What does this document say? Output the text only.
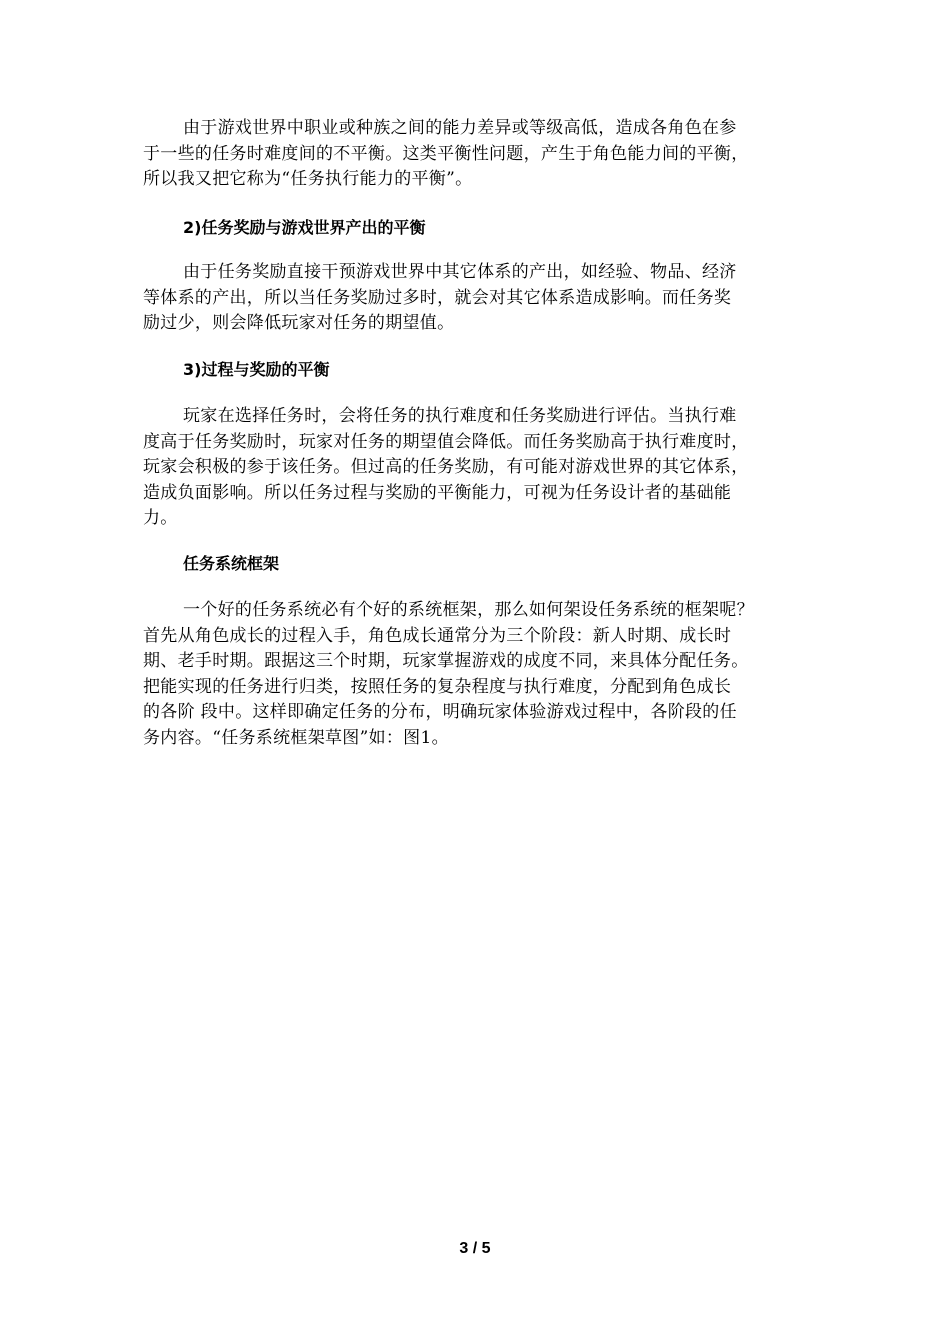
由于游戏世界中职业或种族之间的能力差异或等级高低，造成各角色在参
于一些的任务时难度间的不平衡。这类平衡性问题，产生于角色能力间的平衡，
所以我又把它称为“任务执行能力的平衡”。
2)任务奖励与游戏世界产出的平衡
由于任务奖励直接干预游戏世界中其它体系的产出，如经验、物品、经济
等体系的产出，所以当任务奖励过多时，就会对其它体系造成影响。而任务奖
励过少，则会降低玩家对任务的期望值。
3)过程与奖励的平衡
玩家在选择任务时，会将任务的执行难度和任务奖励进行评估。当执行难
度高于任务奖励时，玩家对任务的期望值会降低。而任务奖励高于执行难度时，
玩家会积极的参于该任务。但过高的任务奖励，有可能对游戏世界的其它体系，
造成负面影响。所以任务过程与奖励的平衡能力，可视为任务设计者的基础能
力。
任务系统框架
一个好的任务系统必有个好的系统框架，那么如何架设任务系统的框架呢？
首先从角色成长的过程入手，角色成长通常分为三个阶段：新人时期、成长时
期、老手时期。跟据这三个时期，玩家掌握游戏的成度不同，来具体分配任务。
把能实现的任务进行归类，按照任务的复杂程度与执行难度，分配到角色成长
的各阶 段中。这样即确定任务的分布，明确玩家体验游戏过程中，各阶段的任
务内容。“任务系统框架草图”如：图1。
3 / 5
